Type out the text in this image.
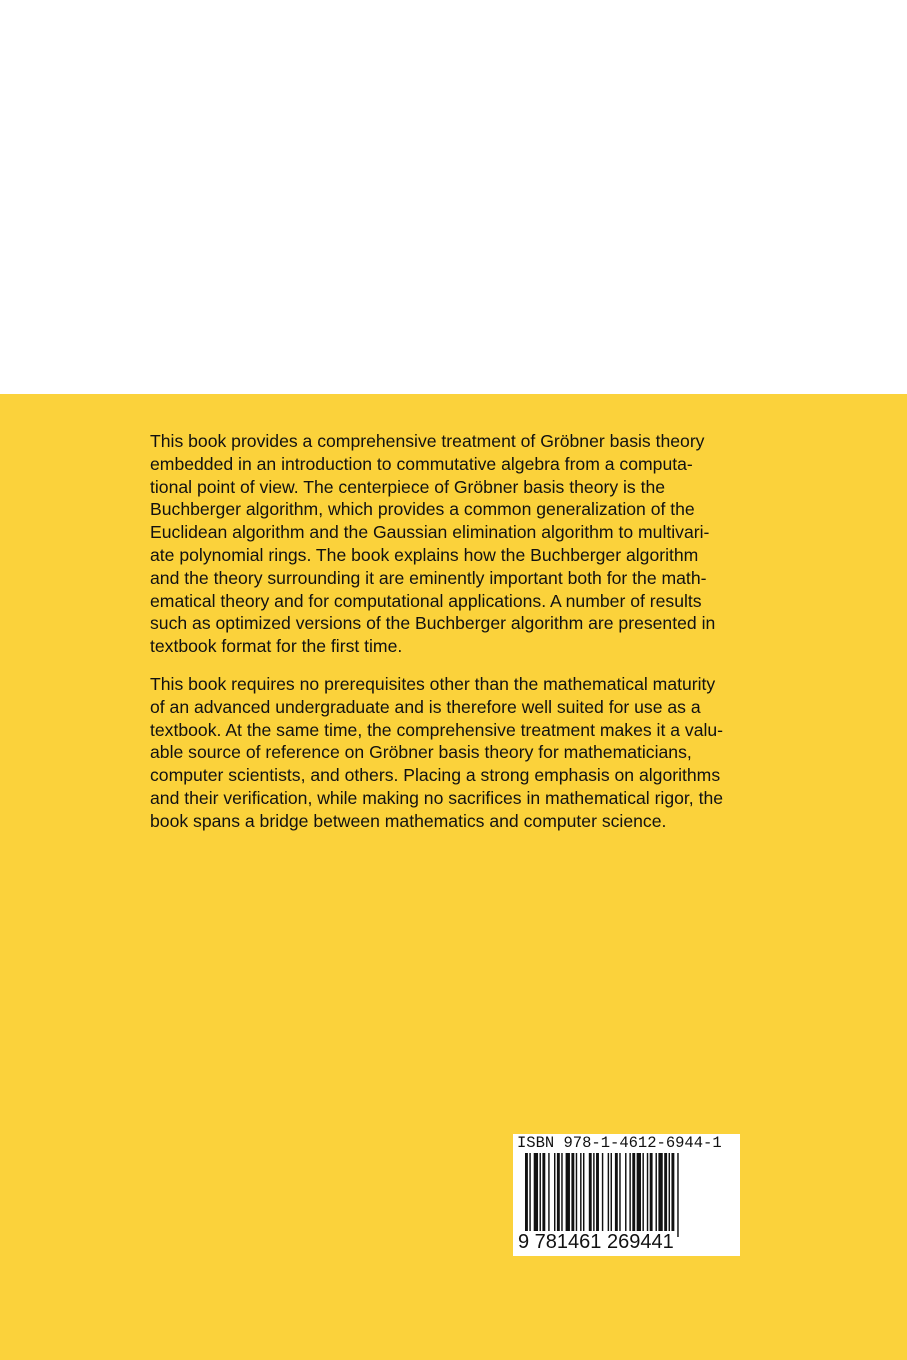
This book provides a comprehensive treatment of Gröbner basis theory
embedded in an introduction to commutative algebra from a computa-
tional point of view. The centerpiece of Gröbner basis theory is the
Buchberger algorithm, which provides a common generalization of the
Euclidean algorithm and the Gaussian elimination algorithm to multivari-
ate polynomial rings. The book explains how the Buchberger algorithm
and the theory surrounding it are eminently important both for the math-
ematical theory and for computational applications. A number of results
such as optimized versions of the Buchberger algorithm are presented in
textbook format for the first time.

This book requires no prerequisites other than the mathematical maturity
of an advanced undergraduate and is therefore well suited for use as a
textbook. At the same time, the comprehensive treatment makes it a valu-
able source of reference on Gröbner basis theory for mathematicians,
computer scientists, and others. Placing a strong emphasis on algorithms
and their verification, while making no sacrifices in mathematical rigor, the
book spans a bridge between mathematics and computer science.

ISBN 978-1-4612-6944-1
9 781461 269441
